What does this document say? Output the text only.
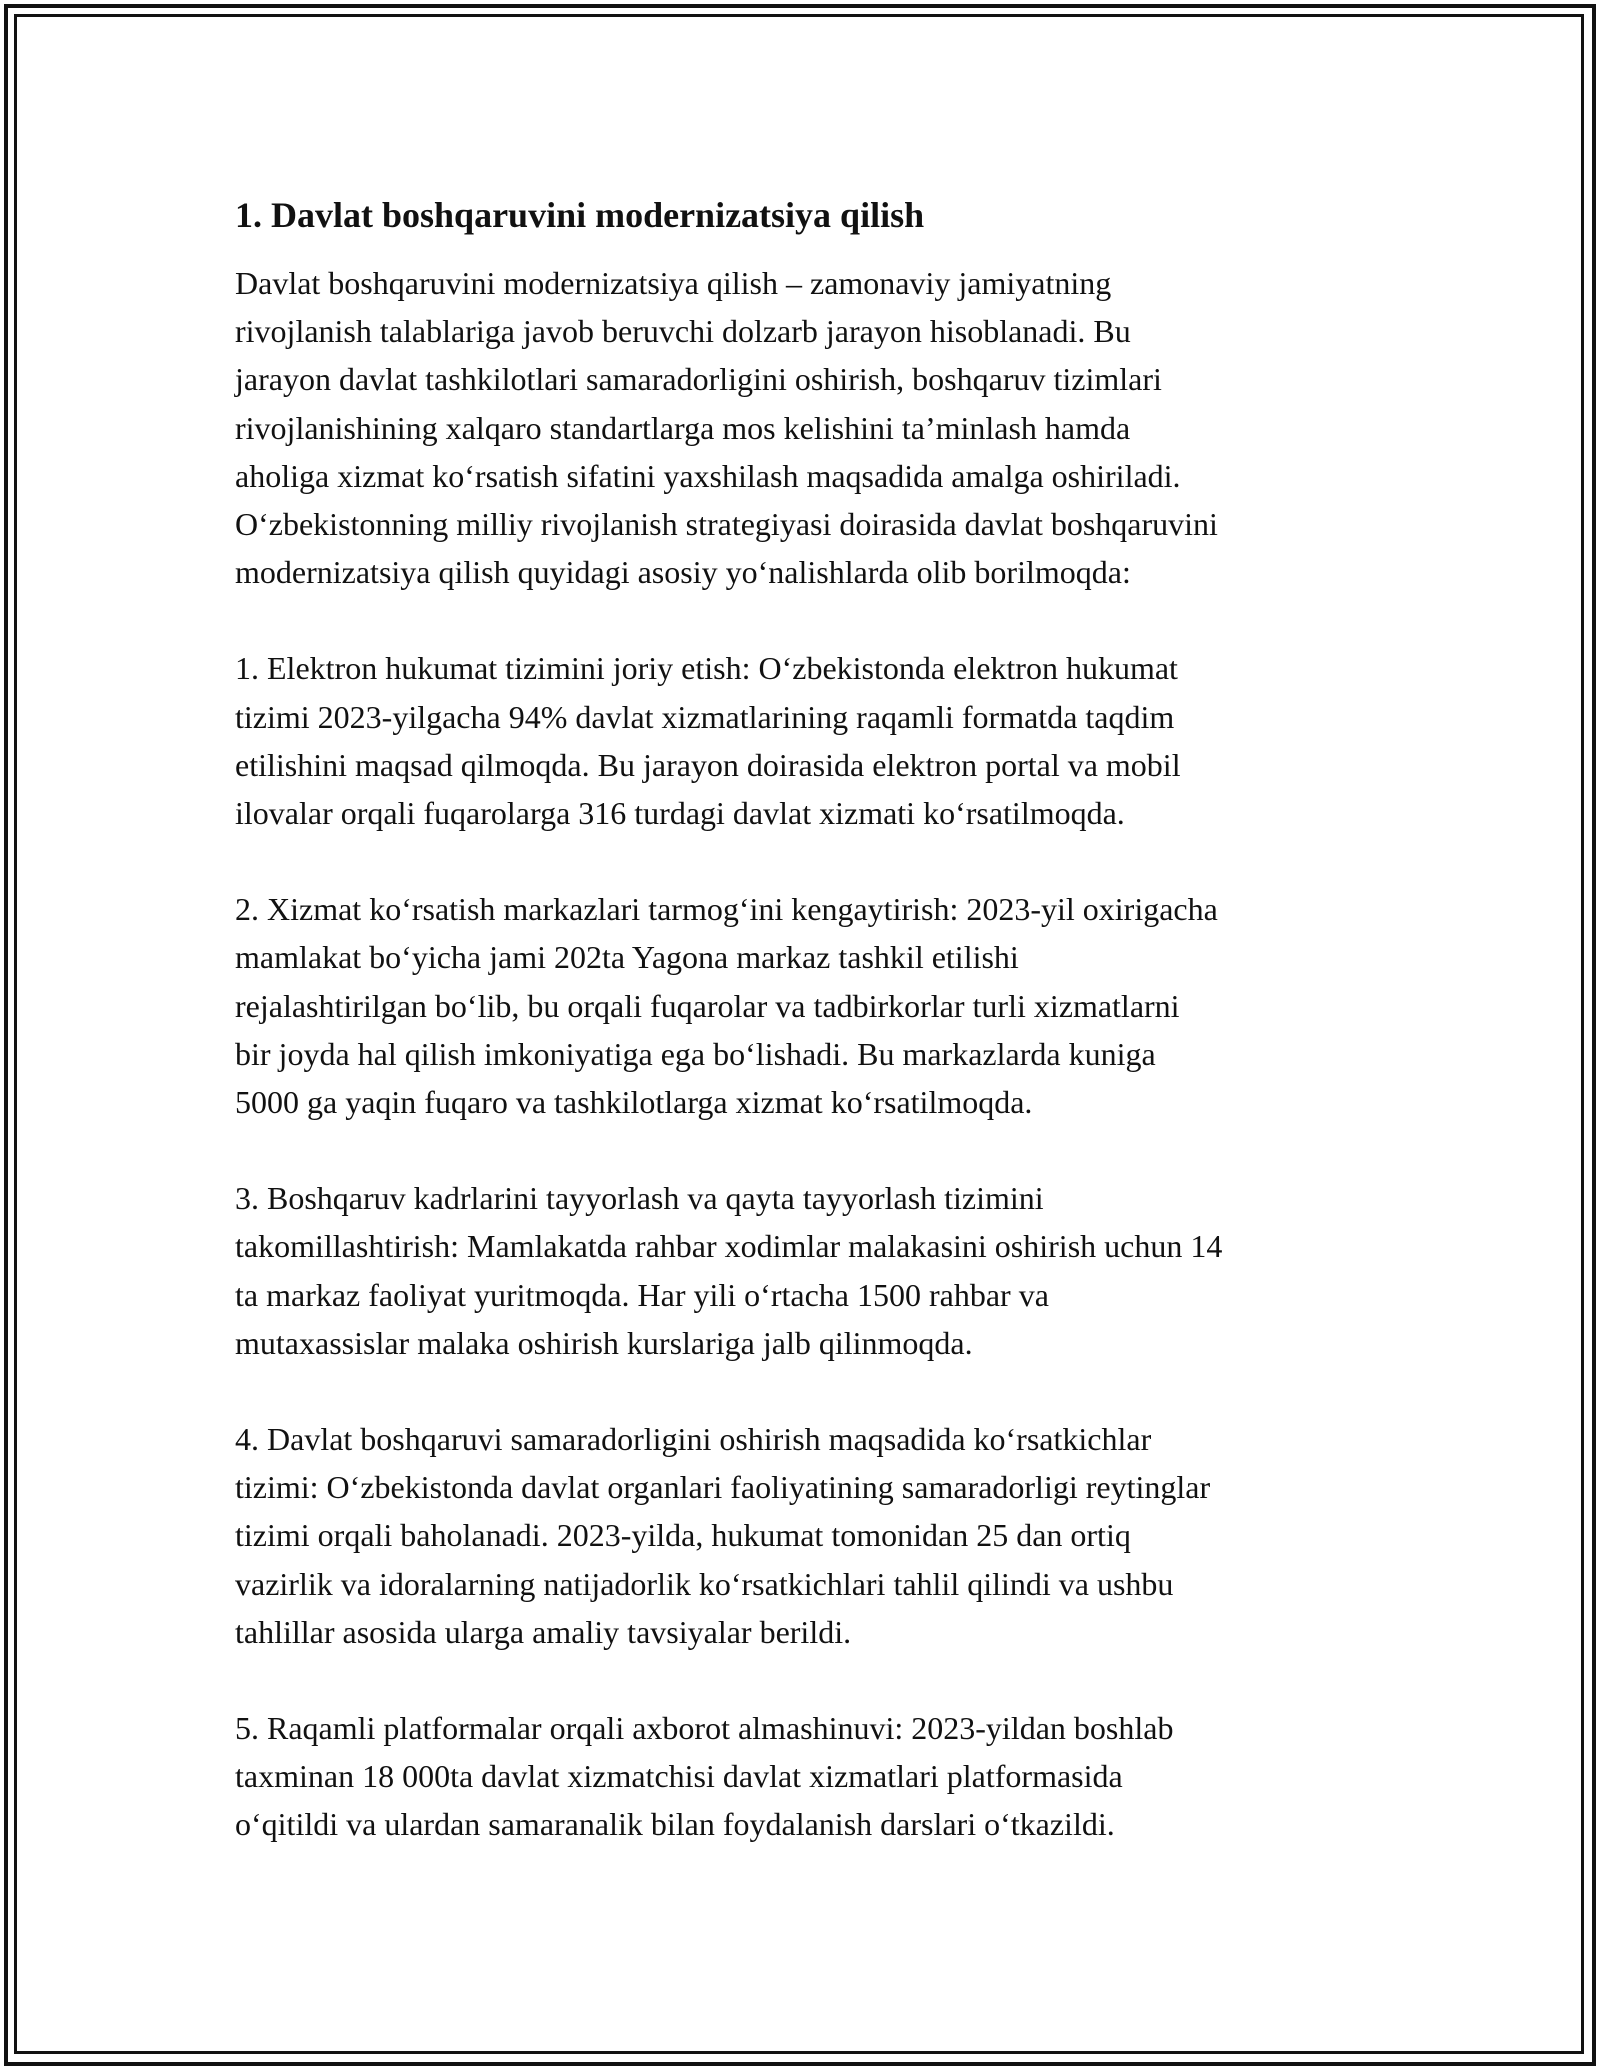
1. Davlat boshqaruvini modernizatsiya qilish

Davlat boshqaruvini modernizatsiya qilish – zamonaviy jamiyatning
rivojlanish talablariga javob beruvchi dolzarb jarayon hisoblanadi. Bu
jarayon davlat tashkilotlari samaradorligini oshirish, boshqaruv tizimlari
rivojlanishining xalqaro standartlarga mos kelishini ta’minlash hamda
aholiga xizmat koʻrsatish sifatini yaxshilash maqsadida amalga oshiriladi.
Oʻzbekistonning milliy rivojlanish strategiyasi doirasida davlat boshqaruvini
modernizatsiya qilish quyidagi asosiy yoʻnalishlarda olib borilmoqda:

1. Elektron hukumat tizimini joriy etish: Oʻzbekistonda elektron hukumat
tizimi 2023-yilgacha 94% davlat xizmatlarining raqamli formatda taqdim
etilishini maqsad qilmoqda. Bu jarayon doirasida elektron portal va mobil
ilovalar orqali fuqarolarga 316 turdagi davlat xizmati koʻrsatilmoqda.

2. Xizmat koʻrsatish markazlari tarmogʻini kengaytirish: 2023-yil oxirigacha
mamlakat boʻyicha jami 202ta Yagona markaz tashkil etilishi
rejalashtirilgan boʻlib, bu orqali fuqarolar va tadbirkorlar turli xizmatlarni
bir joyda hal qilish imkoniyatiga ega boʻlishadi. Bu markazlarda kuniga
5000 ga yaqin fuqaro va tashkilotlarga xizmat koʻrsatilmoqda.

3. Boshqaruv kadrlarini tayyorlash va qayta tayyorlash tizimini
takomillashtirish: Mamlakatda rahbar xodimlar malakasini oshirish uchun 14
ta markaz faoliyat yuritmoqda. Har yili oʻrtacha 1500 rahbar va
mutaxassislar malaka oshirish kurslariga jalb qilinmoqda.

4. Davlat boshqaruvi samaradorligini oshirish maqsadida koʻrsatkichlar
tizimi: Oʻzbekistonda davlat organlari faoliyatining samaradorligi reytinglar
tizimi orqali baholanadi. 2023-yilda, hukumat tomonidan 25 dan ortiq
vazirlik va idoralarning natijadorlik koʻrsatkichlari tahlil qilindi va ushbu
tahlillar asosida ularga amaliy tavsiyalar berildi.

5. Raqamli platformalar orqali axborot almashinuvi: 2023-yildan boshlab
taxminan 18 000ta davlat xizmatchisi davlat xizmatlari platformasida
oʻqitildi va ulardan samaranalik bilan foydalanish darslari oʻtkazildi.
